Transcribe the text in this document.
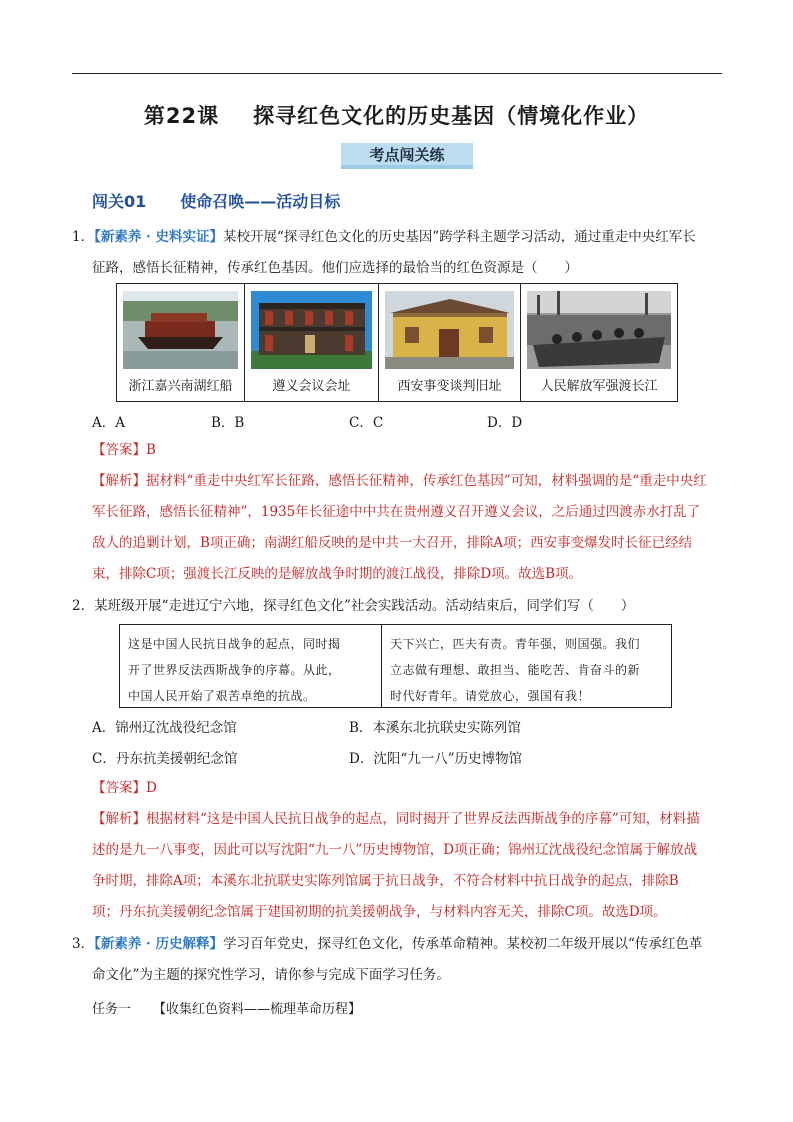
第22课 探寻红色文化的历史基因（情境化作业）
考点闯关练
闯关01 使命召唤——活动目标
1．【新素养 · 史料实证】某校开展“探寻红色文化的历史基因”跨学科主题学习活动，通过重走中央红军长
征路，感悟长征精神，传承红色基因。他们应选择的最恰当的红色资源是（　　）
浙江嘉兴南湖红船	遵义会议会址	西安事变谈判旧址	人民解放军强渡长江
A．A	B．B	C．C	D．D
【答案】B
【解析】据材料“重走中央红军长征路，感悟长征精神，传承红色基因”可知，材料强调的是“重走中央红
军长征路，感悟长征精神”，1935年长征途中中共在贵州遵义召开遵义会议，之后通过四渡赤水打乱了
敌人的追剿计划，B项正确；南湖红船反映的是中共一大召开，排除A项；西安事变爆发时长征已经结
束，排除C项；强渡长江反映的是解放战争时期的渡江战役，排除D项。故选B项。
2．某班级开展“走进辽宁六地，探寻红色文化”社会实践活动。活动结束后，同学们写（　　）
这是中国人民抗日战争的起点，同时揭
开了世界反法西斯战争的序幕。从此，
中国人民开始了艰苦卓绝的抗战。
天下兴亡，匹夫有责。青年强，则国强。我们
立志做有理想、敢担当、能吃苦、肯奋斗的新
时代好青年。请党放心，强国有我！
A．锦州辽沈战役纪念馆	B．本溪东北抗联史实陈列馆
C．丹东抗美援朝纪念馆	D．沈阳“九一八”历史博物馆
【答案】D
【解析】根据材料“这是中国人民抗日战争的起点，同时揭开了世界反法西斯战争的序幕”可知，材料描
述的是九一八事变，因此可以写沈阳“九一八”历史博物馆，D项正确；锦州辽沈战役纪念馆属于解放战
争时期，排除A项；本溪东北抗联史实陈列馆属于抗日战争，不符合材料中抗日战争的起点，排除B
项；丹东抗美援朝纪念馆属于建国初期的抗美援朝战争，与材料内容无关，排除C项。故选D项。
3．【新素养 · 历史解释】学习百年党史，探寻红色文化，传承革命精神。某校初二年级开展以“传承红色革
命文化”为主题的探究性学习，请你参与完成下面学习任务。
任务一 【收集红色资料——梳理革命历程】
